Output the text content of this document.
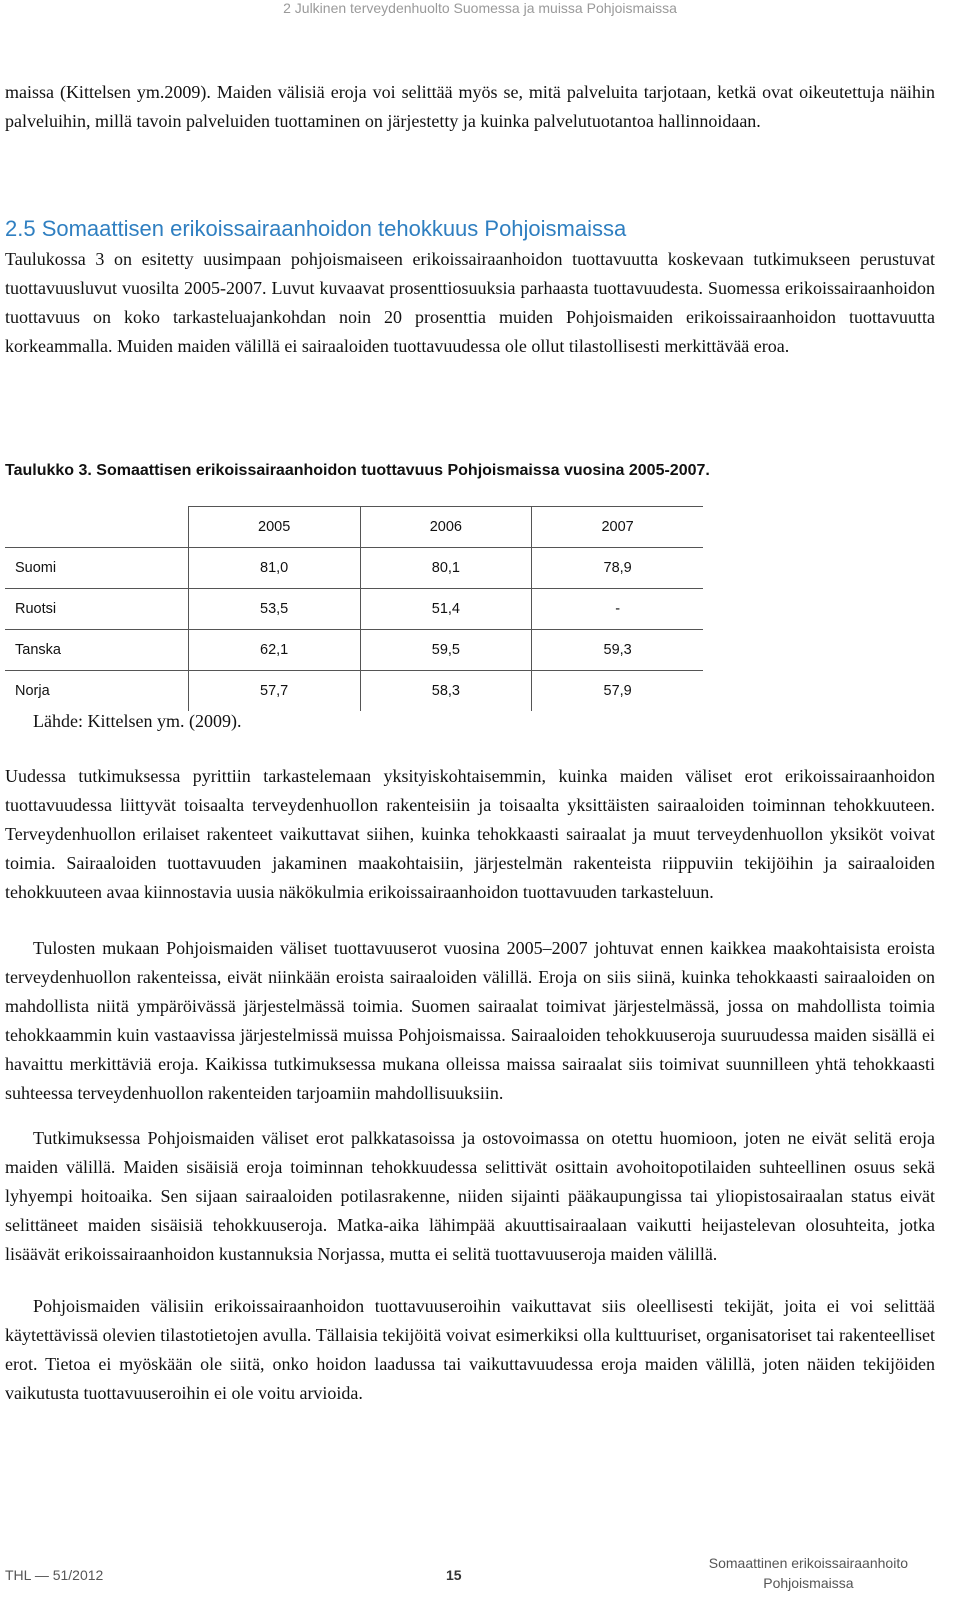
2 Julkinen terveydenhuolto Suomessa ja muissa Pohjoismaissa

maissa (Kittelsen ym.2009). Maiden välisiä eroja voi selittää myös se, mitä palveluita tarjotaan, ketkä ovat oikeutettuja näihin palveluihin, millä tavoin palveluiden tuottaminen on järjestetty ja kuinka palvelutuotantoa hallinnoidaan.

2.5 Somaattisen erikoissairaanhoidon tehokkuus Pohjoismaissa

Taulukossa 3 on esitetty uusimpaan pohjoismaiseen erikoissairaanhoidon tuottavuutta koskevaan tutkimukseen perustuvat tuottavuusluvut vuosilta 2005-2007. Luvut kuvaavat prosenttiosuuksia parhaasta tuottavuudesta. Suomessa erikoissairaanhoidon tuottavuus on koko tarkasteluajankohdan noin 20 prosenttia muiden Pohjoismaiden erikoissairaanhoidon tuottavuutta korkeammalla. Muiden maiden välillä ei sairaaloiden tuottavuudessa ole ollut tilastollisesti merkittävää eroa.

Taulukko 3. Somaattisen erikoissairaanhoidon tuottavuus Pohjoismaissa vuosina 2005-2007.
	2005	2006	2007
Suomi	81,0	80,1	78,9
Ruotsi	53,5	51,4	-
Tanska	62,1	59,5	59,3
Norja	57,7	58,3	57,9

Lähde: Kittelsen ym. (2009).

Uudessa tutkimuksessa pyrittiin tarkastelemaan yksityiskohtaisemmin, kuinka maiden väliset erot erikoissairaanhoidon tuottavuudessa liittyvät toisaalta terveydenhuollon rakenteisiin ja toisaalta yksittäisten sairaaloiden toiminnan tehokkuuteen. Terveydenhuollon erilaiset rakenteet vaikuttavat siihen, kuinka tehokkaasti sairaalat ja muut terveydenhuollon yksiköt voivat toimia. Sairaaloiden tuottavuuden jakaminen maakohtaisiin, järjestelmän rakenteista riippuviin tekijöihin ja sairaaloiden tehokkuuteen avaa kiinnostavia uusia näkökulmia erikoissairaanhoidon tuottavuuden tarkasteluun.

Tulosten mukaan Pohjoismaiden väliset tuottavuuserot vuosina 2005–2007 johtuvat ennen kaikkea maakohtaisista eroista terveydenhuollon rakenteissa, eivät niinkään eroista sairaaloiden välillä. Eroja on siis siinä, kuinka tehokkaasti sairaaloiden on mahdollista niitä ympäröivässä järjestelmässä toimia. Suomen sairaalat toimivat järjestelmässä, jossa on mahdollista toimia tehokkaammin kuin vastaavissa järjestelmissä muissa Pohjoismaissa. Sairaaloiden tehokkuuseroja suuruudessa maiden sisällä ei havaittu merkittäviä eroja. Kaikissa tutkimuksessa mukana olleissa maissa sairaalat siis toimivat suunnilleen yhtä tehokkaasti suhteessa terveydenhuollon rakenteiden tarjoamiin mahdollisuuksiin.

Tutkimuksessa Pohjoismaiden väliset erot palkkatasoissa ja ostovoimassa on otettu huomioon, joten ne eivät selitä eroja maiden välillä. Maiden sisäisiä eroja toiminnan tehokkuudessa selittivät osittain avohoitopotilaiden suhteellinen osuus sekä lyhyempi hoitoaika. Sen sijaan sairaaloiden potilasrakenne, niiden sijainti pääkaupungissa tai yliopistosairaalan status eivät selittäneet maiden sisäisiä tehokkuuseroja. Matka-aika lähimpää akuuttisairaalaan vaikutti heijastelevan olosuhteita, jotka lisäävät erikoissairaanhoidon kustannuksia Norjassa, mutta ei selitä tuottavuuseroja maiden välillä.

Pohjoismaiden välisiin erikoissairaanhoidon tuottavuuseroihin vaikuttavat siis oleellisesti tekijät, joita ei voi selittää käytettävissä olevien tilastotietojen avulla. Tällaisia tekijöitä voivat esimerkiksi olla kulttuuriset, organisatoriset tai rakenteelliset erot. Tietoa ei myöskään ole siitä, onko hoidon laadussa tai vaikuttavuudessa eroja maiden välillä, joten näiden tekijöiden vaikutusta tuottavuuseroihin ei ole voitu arvioida.

THL — 51/2012	15
Somaattinen erikoissairaanhoito
Pohjoismaissa
